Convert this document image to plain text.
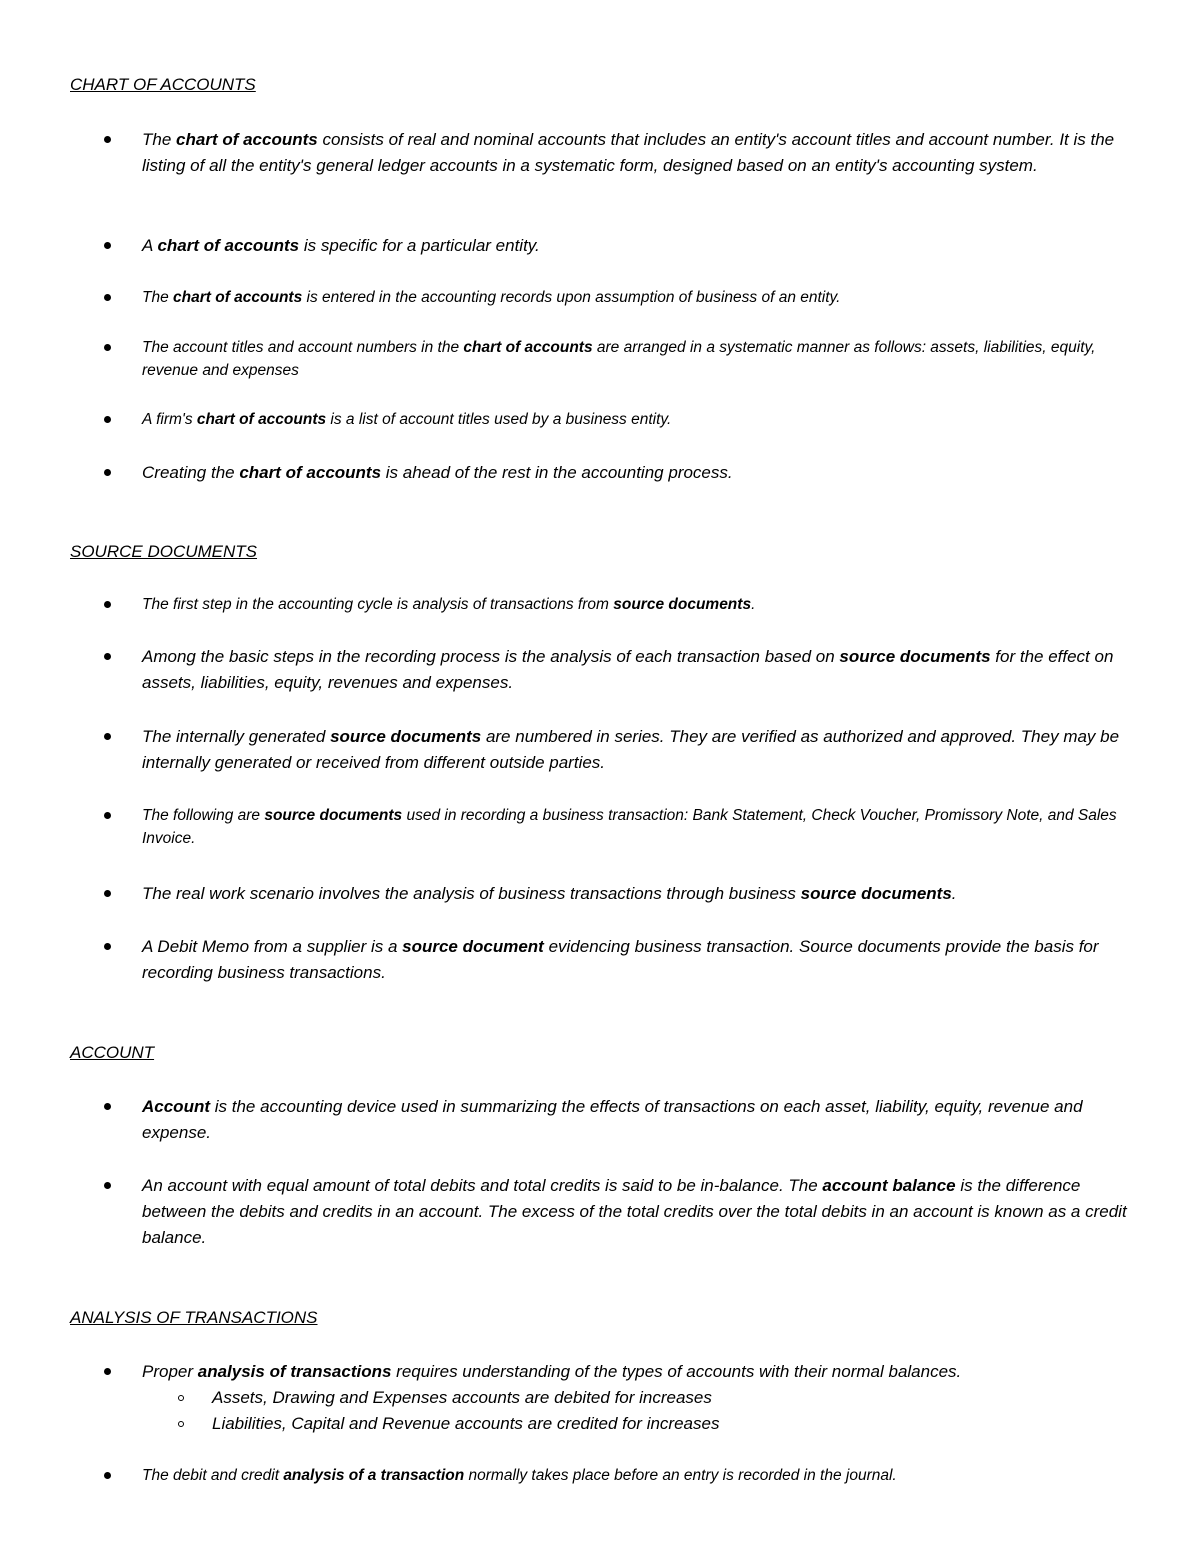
CHART OF ACCOUNTS

The chart of accounts consists of real and nominal accounts that includes an entity's account titles and account number. It is the listing of all the entity's general ledger accounts in a systematic form, designed based on an entity's accounting system.

A chart of accounts is specific for a particular entity.

The chart of accounts is entered in the accounting records upon assumption of business of an entity.

The account titles and account numbers in the chart of accounts are arranged in a systematic manner as follows: assets, liabilities, equity, revenue and expenses

A firm's chart of accounts is a list of account titles used by a business entity.

Creating the chart of accounts is ahead of the rest in the accounting process.

SOURCE DOCUMENTS

The first step in the accounting cycle is analysis of transactions from source documents.

Among the basic steps in the recording process is the analysis of each transaction based on source documents for the effect on assets, liabilities, equity, revenues and expenses.

The internally generated source documents are numbered in series. They are verified as authorized and approved. They may be internally generated or received from different outside parties.

The following are source documents used in recording a business transaction: Bank Statement, Check Voucher, Promissory Note, and Sales Invoice.

The real work scenario involves the analysis of business transactions through business source documents.

A Debit Memo from a supplier is a source document evidencing business transaction. Source documents provide the basis for recording business transactions.

ACCOUNT

Account is the accounting device used in summarizing the effects of transactions on each asset, liability, equity, revenue and expense.

An account with equal amount of total debits and total credits is said to be in-balance. The account balance is the difference between the debits and credits in an account. The excess of the total credits over the total debits in an account is known as a credit balance.

ANALYSIS OF TRANSACTIONS

Proper analysis of transactions requires understanding of the types of accounts with their normal balances.

Assets, Drawing and Expenses accounts are debited for increases

Liabilities, Capital and Revenue accounts are credited for increases

The debit and credit analysis of a transaction normally takes place before an entry is recorded in the journal.
